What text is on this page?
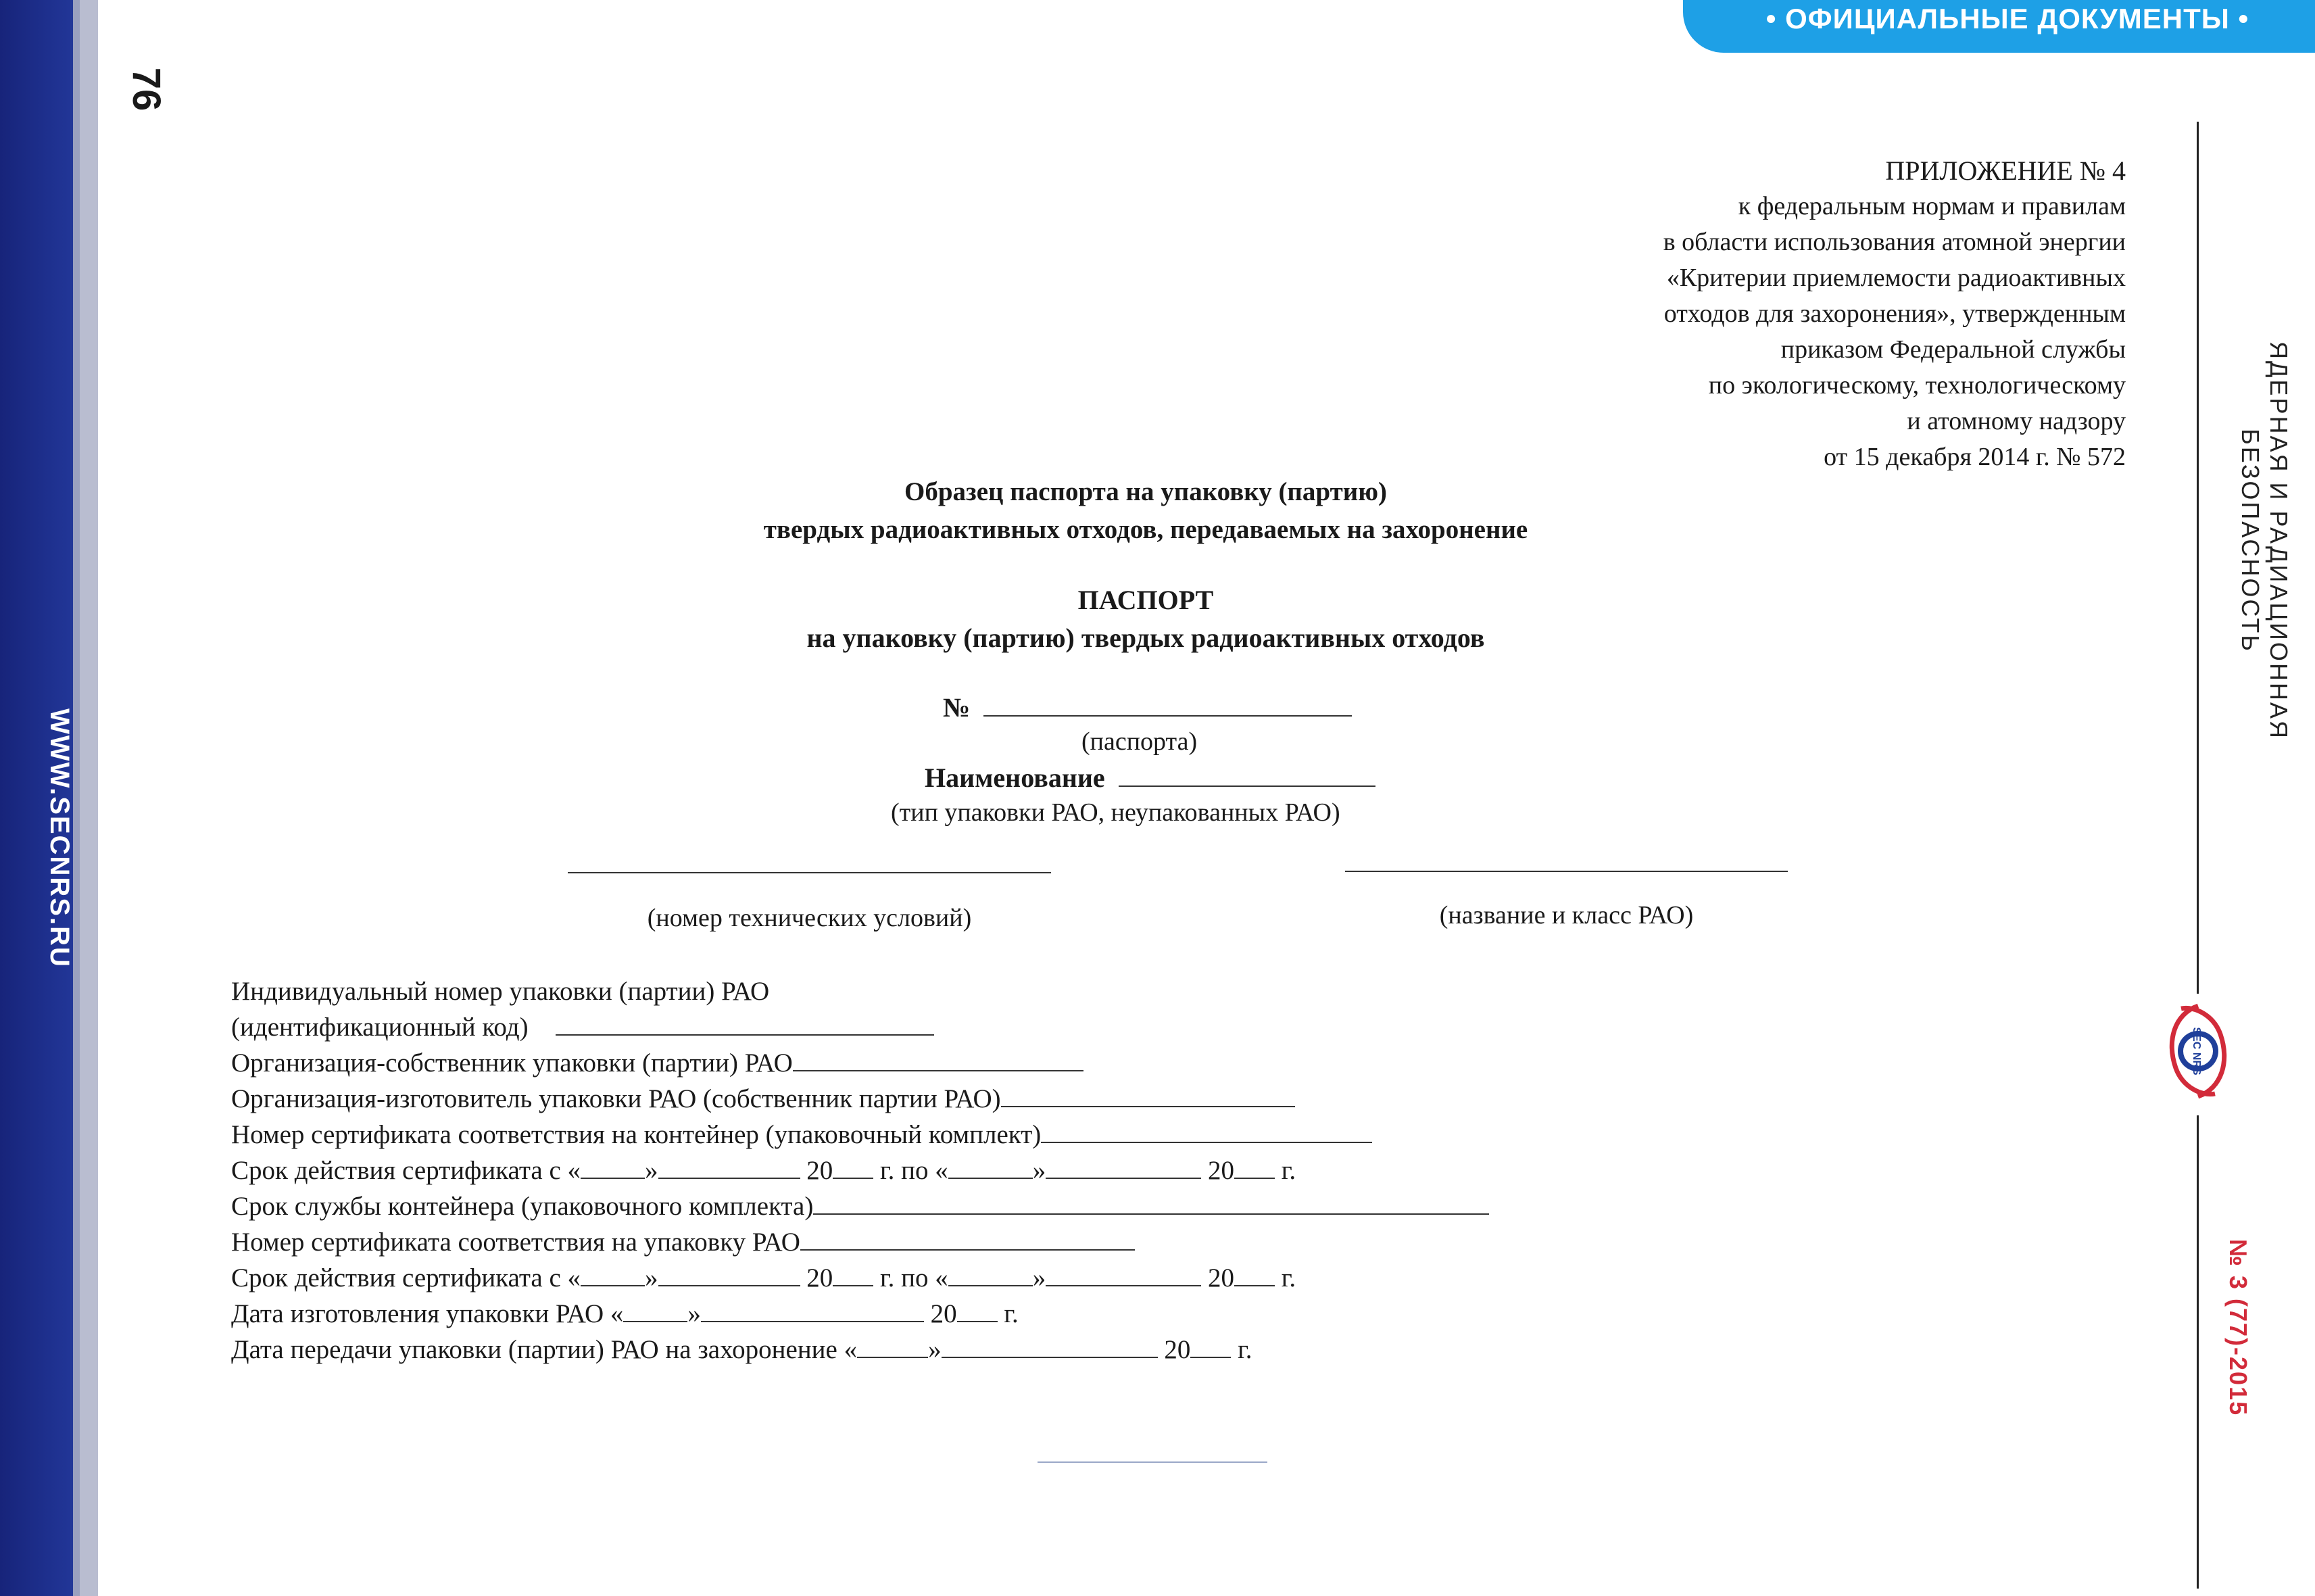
WWW.SECNRS.RU
76
• ОФИЦИАЛЬНЫЕ ДОКУМЕНТЫ •
ЯДЕРНАЯ И РАДИАЦИОННАЯ БЕЗОПАСНОСТЬ
SEC NRS
№ 3 (77)-2015
ПРИЛОЖЕНИЕ № 4
к федеральным нормам и правилам
в области использования атомной энергии
«Критерии приемлемости радиоактивных
отходов для захоронения», утвержденным
приказом Федеральной службы
по экологическому, технологическому
и атомному надзору
от 15 декабря 2014 г. № 572
Образец паспорта на упаковку (партию)
твердых радиоактивных отходов, передаваемых на захоронение
ПАСПОРТ
на упаковку (партию) твердых радиоактивных отходов
№
(паспорта)
Наименование
(тип упаковки РАО, неупакованных РАО)
(номер технических условий)	(название и класс РАО)
Индивидуальный номер упаковки (партии) РАО
(идентификационный код)
Организация-собственник упаковки (партии) РАО
Организация-изготовитель упаковки РАО (собственник партии РАО)
Номер сертификата соответствия на контейнер (упаковочный комплект)
Срок действия сертификата с « »	20 г. по «	»	20 г.
Срок службы контейнера (упаковочного комплекта)
Номер сертификата соответствия на упаковку РАО
Срок действия сертификата с « »	20 г. по «	»	20 г.
Дата изготовления упаковки РАО « »	20 г.
Дата передачи упаковки (партии) РАО на захоронение «	»	20 г.
